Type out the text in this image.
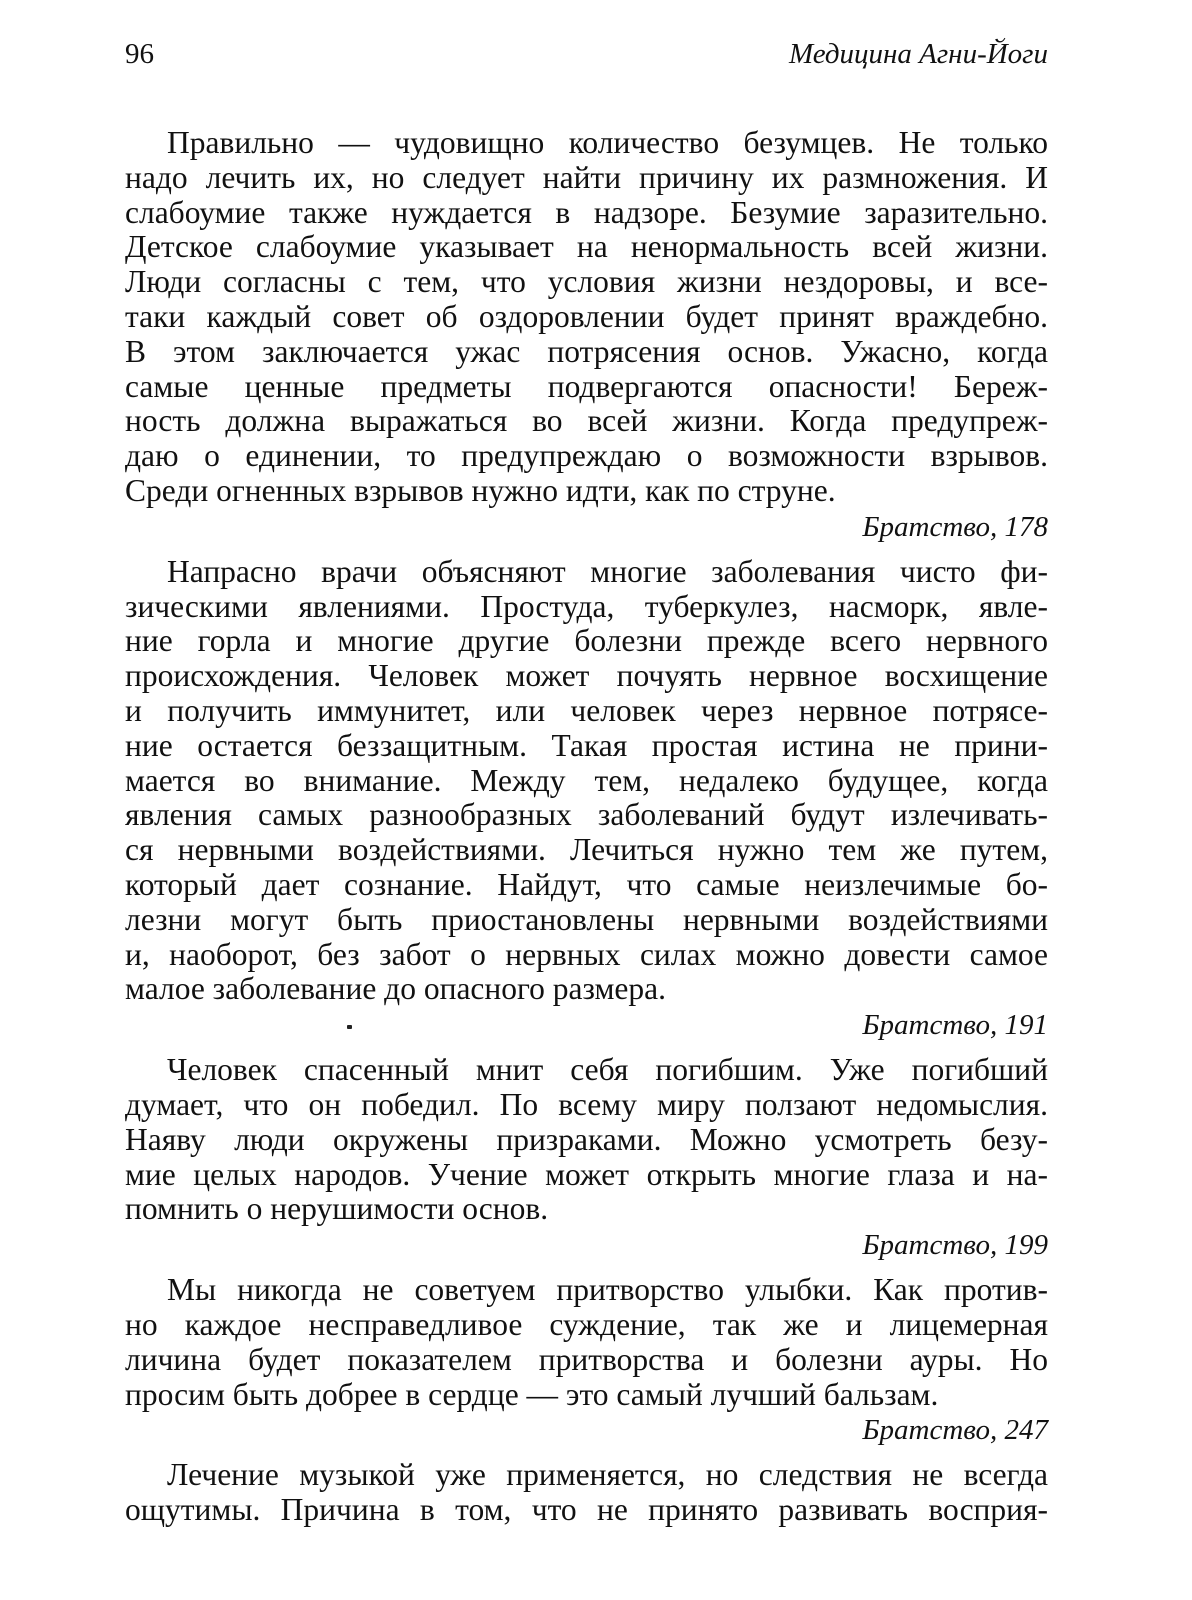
96	Медицина Агни-Йоги
Правильно — чудовищно количество безумцев. Не только
надо лечить их, но следует найти причину их размножения. И
слабоумие также нуждается в надзоре. Безумие заразительно.
Детское слабоумие указывает на ненормальность всей жизни.
Люди согласны с тем, что условия жизни нездоровы, и все-
таки каждый совет об оздоровлении будет принят враждебно.
В этом заключается ужас потрясения основ. Ужасно, когда
самые ценные предметы подвергаются опасности! Береж-
ность должна выражаться во всей жизни. Когда предупреж-
даю о единении, то предупреждаю о возможности взрывов.
Среди огненных взрывов нужно идти, как по струне.
Братство, 178
Напрасно врачи объясняют многие заболевания чисто фи-
зическими явлениями. Простуда, туберкулез, насморк, явле-
ние горла и многие другие болезни прежде всего нервного
происхождения. Человек может почуять нервное восхищение
и получить иммунитет, или человек через нервное потрясе-
ние остается беззащитным. Такая простая истина не прини-
мается во внимание. Между тем, недалеко будущее, когда
явления самых разнообразных заболеваний будут излечивать-
ся нервными воздействиями. Лечиться нужно тем же путем,
который дает сознание. Найдут, что самые неизлечимые бо-
лезни могут быть приостановлены нервными воздействиями
и, наоборот, без забот о нервных силах можно довести самое
малое заболевание до опасного размера.
Братство, 191
Человек спасенный мнит себя погибшим. Уже погибший
думает, что он победил. По всему миру ползают недомыслия.
Наяву люди окружены призраками. Можно усмотреть безу-
мие целых народов. Учение может открыть многие глаза и на-
помнить о нерушимости основ.
Братство, 199
Мы никогда не советуем притворство улыбки. Как против-
но каждое несправедливое суждение, так же и лицемерная
личина будет показателем притворства и болезни ауры. Но
просим быть добрее в сердце — это самый лучший бальзам.
Братство, 247
Лечение музыкой уже применяется, но следствия не всегда
ощутимы. Причина в том, что не принято развивать восприя-
